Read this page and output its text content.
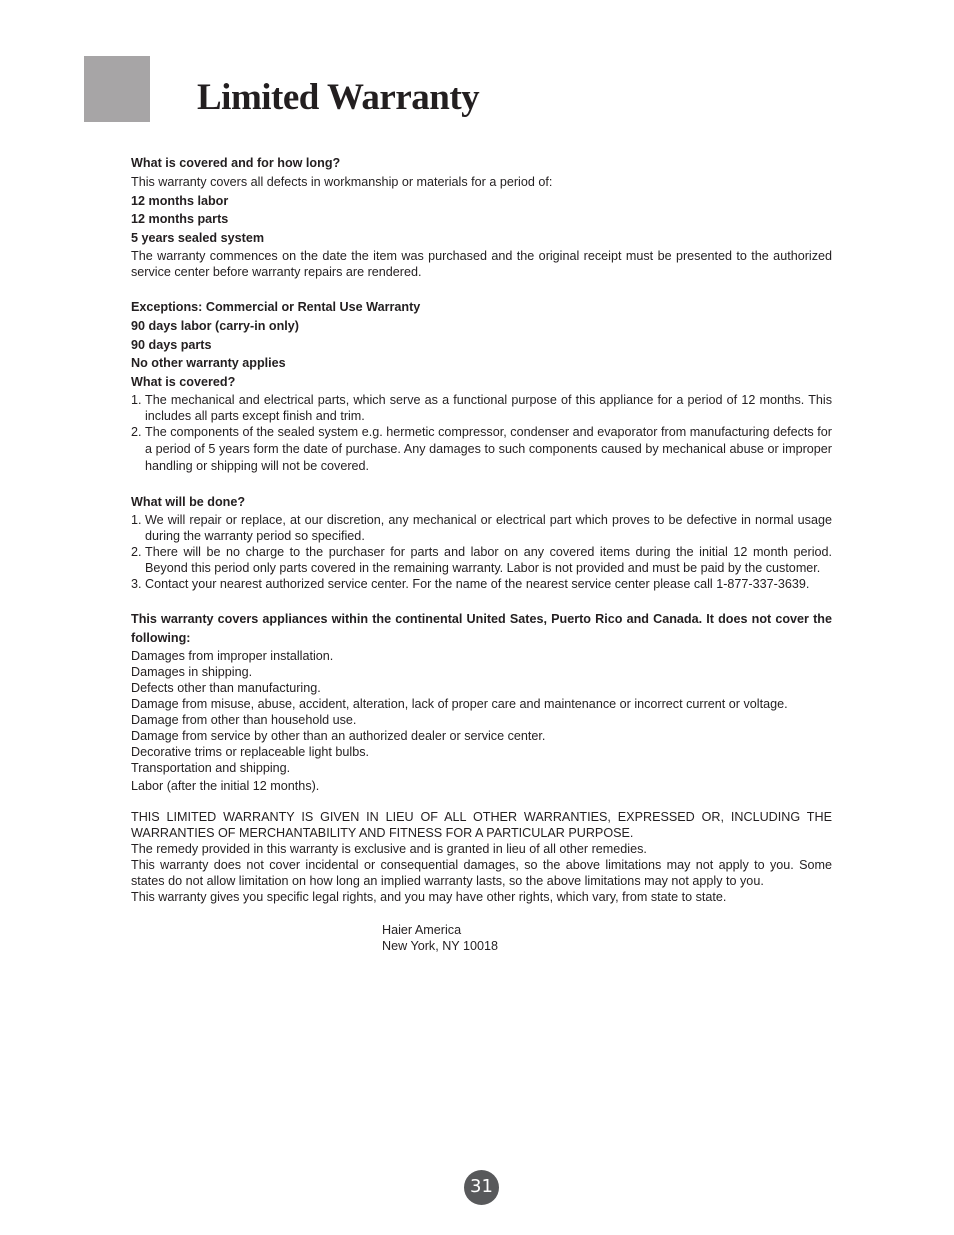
Limited Warranty

What is covered and for how long?

This warranty covers all defects in workmanship or materials for a period of:

12 months labor

12 months parts

5 years sealed system

The warranty commences on the date the item was purchased and the original receipt must be presented to the authorized service center before warranty repairs are rendered.

Exceptions: Commercial or Rental Use Warranty

90 days labor (carry-in only)

90 days parts

No other warranty applies

What is covered?

1. The mechanical and electrical parts, which serve as a functional purpose of this appliance for a period of 12 months. This includes all parts except finish and trim.
2. The components of the sealed system e.g. hermetic compressor, condenser and evaporator from manufacturing defects for a period of 5 years form the date of purchase. Any damages to such components caused by mechanical abuse or improper handling or shipping will not be covered.

What will be done?

1. We will repair or replace, at our discretion, any mechanical or electrical part which proves to be defective in normal usage during the warranty period so specified.
2. There will be no charge to the purchaser for parts and labor on any covered items during the initial 12 month period. Beyond this period only parts covered in the remaining warranty. Labor is not provided and must be paid by the customer.
3. Contact your nearest authorized service center. For the name of the nearest service center please call 1-877-337-3639.

This warranty covers appliances within the continental United Sates, Puerto Rico and Canada. It does not cover the following:

Damages from improper installation.

Damages in shipping.

Defects other than manufacturing.

Damage from misuse, abuse, accident, alteration, lack of proper care and maintenance or incorrect current or voltage.

Damage from other than household use.

Damage from service by other than an authorized dealer or service center.

Decorative trims or replaceable light bulbs.

Transportation and shipping.

Labor (after the initial 12 months).

THIS LIMITED WARRANTY IS GIVEN IN LIEU OF ALL OTHER WARRANTIES, EXPRESSED OR, INCLUDING THE WARRANTIES OF MERCHANTABILITY AND FITNESS FOR A PARTICULAR PURPOSE.

The remedy provided in this warranty is exclusive and is granted in lieu of all other remedies.

This warranty does not cover incidental or consequential damages, so the above limitations may not apply to you. Some states do not allow limitation on how long an implied warranty lasts, so the above limitations may not apply to you.

This warranty gives you specific legal rights, and you may have other rights, which vary, from state to state.

Haier America

New York, NY 10018

31
